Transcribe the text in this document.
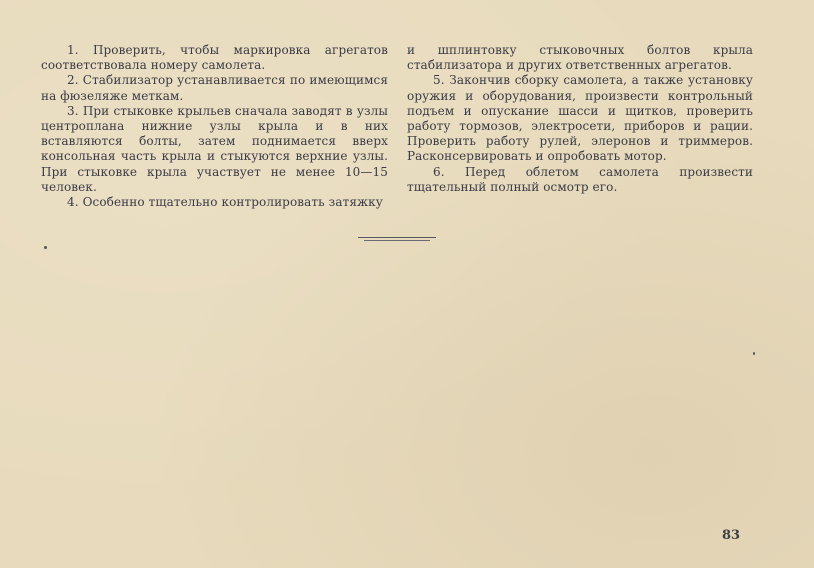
1. Проверить, чтобы маркировка агрегатов соответствовала номеру самолета.

2. Стабилизатор устанавливается по имеющимся на фюзеляже меткам.

3. При стыковке крыльев сначала заводят в узлы центроплана нижние узлы крыла и в них вставляются болты, затем поднимается вверх консольная часть крыла и стыкуются верхние узлы. При стыковке крыла участвует не менее 10—15 человек.

4. Особенно тщательно контролировать затяжку

и шплинтовку стыковочных болтов крыла стабилизатора и других ответственных агрегатов.

5. Закончив сборку самолета, а также установку оружия и оборудования, произвести контрольный подъем и опускание шасси и щитков, проверить работу тормозов, электросети, приборов и рации. Проверить работу рулей, элеронов и триммеров. Расконсервировать и опробовать мотор.

6. Перед облетом самолета произвести тщательный полный осмотр его.

83
